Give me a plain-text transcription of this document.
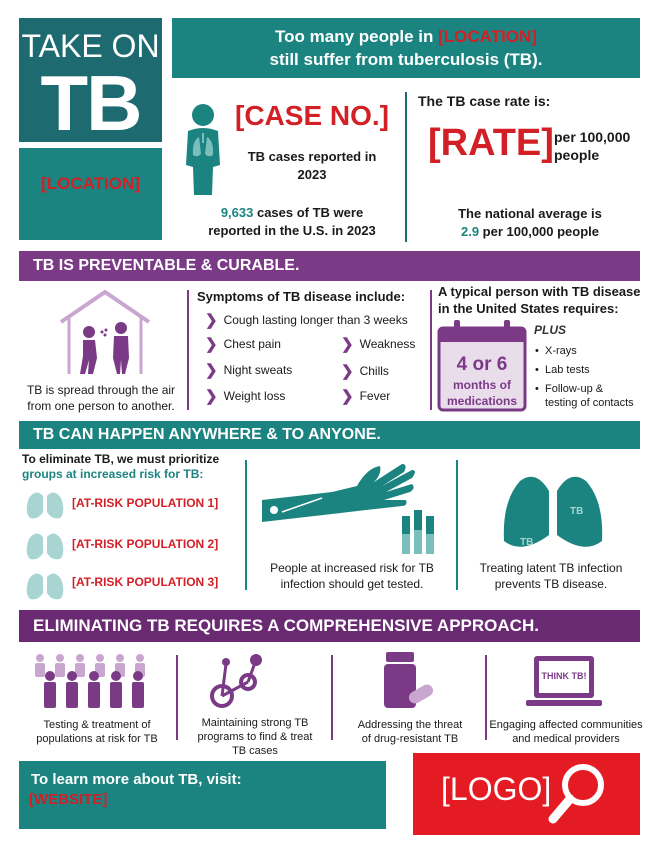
TAKE ON
TB
[LOCATION]
Too many people in [LOCATION]
still suffer from tuberculosis (TB).
[CASE NO.]
TB cases reported in 2023
9,633 cases of TB were
reported in the U.S. in 2023
The TB case rate is:
[RATE] per 100,000
people
The national average is
2.9 per 100,000 people
TB IS PREVENTABLE & CURABLE.
TB is spread through the air
from one person to another.
Symptoms of TB disease include:
❯ Cough lasting longer than 3 weeks
❯ Chest pain	❯ Weakness
❯ Night sweats	❯ Chills
❯ Weight loss	❯ Fever
A typical person with TB disease in the United States requires:
4 or 6
months of
medications
PLUS
• X-rays
• Lab tests
• Follow-up &
testing of contacts
TB CAN HAPPEN ANYWHERE & TO ANYONE.
To eliminate TB, we must prioritize
groups at increased risk for TB:
[AT-RISK POPULATION 1]
[AT-RISK POPULATION 2]
[AT-RISK POPULATION 3]
People at increased risk for TB
infection should get tested.
TB
TB
Treating latent TB infection
prevents TB disease.
ELIMINATING TB REQUIRES A COMPREHENSIVE APPROACH.
Testing & treatment of
populations at risk for TB
Maintaining strong TB
programs to find & treat
TB cases
Addressing the threat
of drug-resistant TB
THINK TB!
Engaging affected communities
and medical providers
To learn more about TB, visit:
[WEBSITE]	[LOGO]
